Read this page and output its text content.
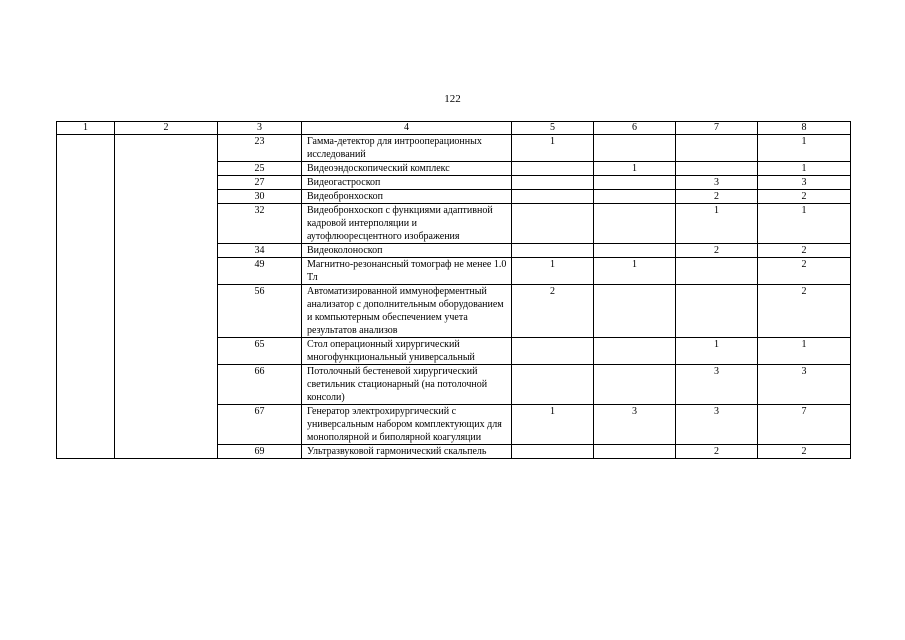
122
1	2	3	4	5	6	7	8
		23	Гамма-детектор для интрооперационных исследований	1			1
		25	Видеоэндоскопический комплекс		1		1
		27	Видеогастроскоп			3	3
		30	Видеобронхоскоп			2	2
		32	Видеобронхоскоп с функциями адаптивной кадровой интерполяции и аутофлюоресцентного изображения			1	1
		34	Видеоколоноскоп			2	2
		49	Магнитно-резонансный томограф не менее 1.0 Тл	1	1		2
		56	Автоматизированной иммуноферментный анализатор с дополнительным оборудованием и компьютерным обеспечением учета результатов анализов	2			2
		65	Стол операционный хирургический многофункциональный универсальный			1	1
		66	Потолочный бестеневой хирургический светильник стационарный (на потолочной консоли)			3	3
		67	Генератор электрохирургический с универсальным набором комплектующих для монополярной и биполярной коагуляции	1	3	3	7
		69	Ультразвуковой гармонический скальпель			2	2
